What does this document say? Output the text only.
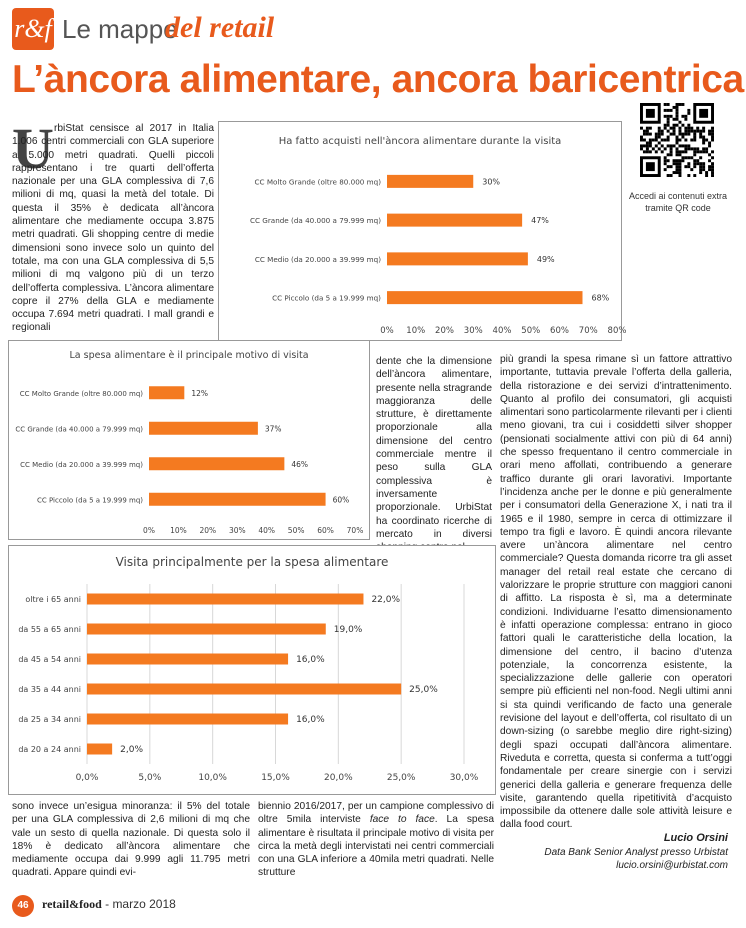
r&f Le mappe
del retail
L’àncora alimentare, ancora baricentrica
U rbiStat censisce al 2017 in Italia 1.006 centri commerciali con GLA superiore a 5.000 metri quadrati. Quelli piccoli rappresentano i tre quarti dell’offerta nazionale per una GLA complessiva di 7,6 milioni di mq, quasi la metà del totale. Di questa il 35% è dedicata all’àncora alimentare che mediamente occupa 3.875 metri quadrati. Gli shopping centre di medie dimensioni sono invece solo un quinto del totale, ma con una GLA complessiva di 5,5 milioni di mq valgono più di un terzo dell’offerta complessiva. L’àncora alimentare copre il 27% della GLA e mediamente occupa 7.694 metri quadrati. I mall grandi e regionali

Ha fatto acquisti nell'àncora alimentare durante la visita
0% 10% 20% 30% 40% 50% 60% 70% 80%
CC Molto Grande (oltre 80.000 mq)	30%
CC Grande (da 40.000 a 79.999 mq)	47%
CC Medio (da 20.000 a 39.999 mq)	49%
CC Piccolo (da 5 a 19.999 mq)	68%
Accedi ai contenuti extra tramite QR code
La spesa alimentare è il principale motivo di visita
0% 10% 20% 30% 40% 50% 60% 70%
CC Molto Grande (oltre 80.000 mq)	12%
CC Grande (da 40.000 a 79.999 mq)	37%
CC Medio (da 20.000 a 39.999 mq)	46%
CC Piccolo (da 5 a 19.999 mq)	60%

dente che la dimensione dell’àncora alimentare, presente nella stragrande maggioranza delle strutture, è direttamente proporzionale alla dimensione del centro commerciale mentre il peso sulla GLA complessiva è inversamente proporzionale. UrbiStat ha coordinato ricerche di mercato in diversi

più grandi la spesa rimane sì un fattore attrattivo importante, tuttavia prevale l’offerta della galleria, della ristorazione e dei servizi d’intrattenimento. Quanto al profilo dei consumatori, gli acquisti alimentari sono particolarmente rilevanti per i clienti meno giovani, tra cui i cosiddetti silver shopper (pensionati socialmente attivi con più di 64 anni) che spesso frequentano il centro commerciale in orari meno affollati, contribuendo a generare traffico durante gli orari lavorativi. Importante l’incidenza anche per le donne e più generalmente per i consumatori della Generazione X, i nati tra il 1965 e il 1980, sempre in cerca di ottimizzare il tempo tra figli e lavoro. È quindi ancora rilevante avere un’àncora alimentare nel centro commerciale? Questa domanda ricorre tra gli asset manager del retail real estate che cercano di valorizzare le proprie strutture con maggiori canoni di affitto. La risposta è sì, ma a determinate condizioni. Individuarne l’esatto dimensionamento è infatti operazione complessa: entrano in gioco fattori quali le caratteristiche della location, la dimensione del centro, il bacino d’utenza potenziale, la concorrenza esistente, la specializzazione delle gallerie con operatori sempre più efficienti nel non-food. Negli ultimi anni si sta quindi verificando de facto una generale revisione del layout e dell’offerta, col risultato di un down-sizing (o sarebbe meglio dire right-sizing) degli spazi occupati dall’àncora alimentare. Riveduta e corretta, questa si conferma a tutt’oggi fondamentale per creare sinergie con i servizi generici della galleria e generare frequenza delle visite, garantendo quella ripetitività d’acquisto impossibile da ottenere dalle sole attività leisure e dalla food court.

Visita principalmente per la spesa alimentare
0,0%	5,0%	10,0%	15,0%	20,0%	25,0%	30,0%
oltre i 65 anni	22,0%
da 55 a 65 anni	19,0%
da 45 a 54 anni	16,0%
da 35 a 44 anni	25,0%
da 25 a 34 anni	16,0%
da 20 a 24 anni	2,0%

sono invece un’esigua minoranza: il 5% del totale per una GLA complessiva di 2,6 milioni di mq che vale un sesto di quella nazionale. Di questa solo il 18% è dedicato all’àncora alimentare che mediamente occupa dai 9.999 agli 11.795 metri quadrati. Appare quindi evi-

biennio 2016/2017, per un campione complessivo di oltre 5mila interviste face to face. La spesa alimentare è risultata il principale motivo di visita per circa la metà degli intervistati nei centri commerciali con una GLA inferiore a 40mila metri quadrati. Nelle strutture

Lucio Orsini
Data Bank Senior Analyst presso Urbistat
lucio.orsini@urbistat.com
46	retail&food - marzo 2018
